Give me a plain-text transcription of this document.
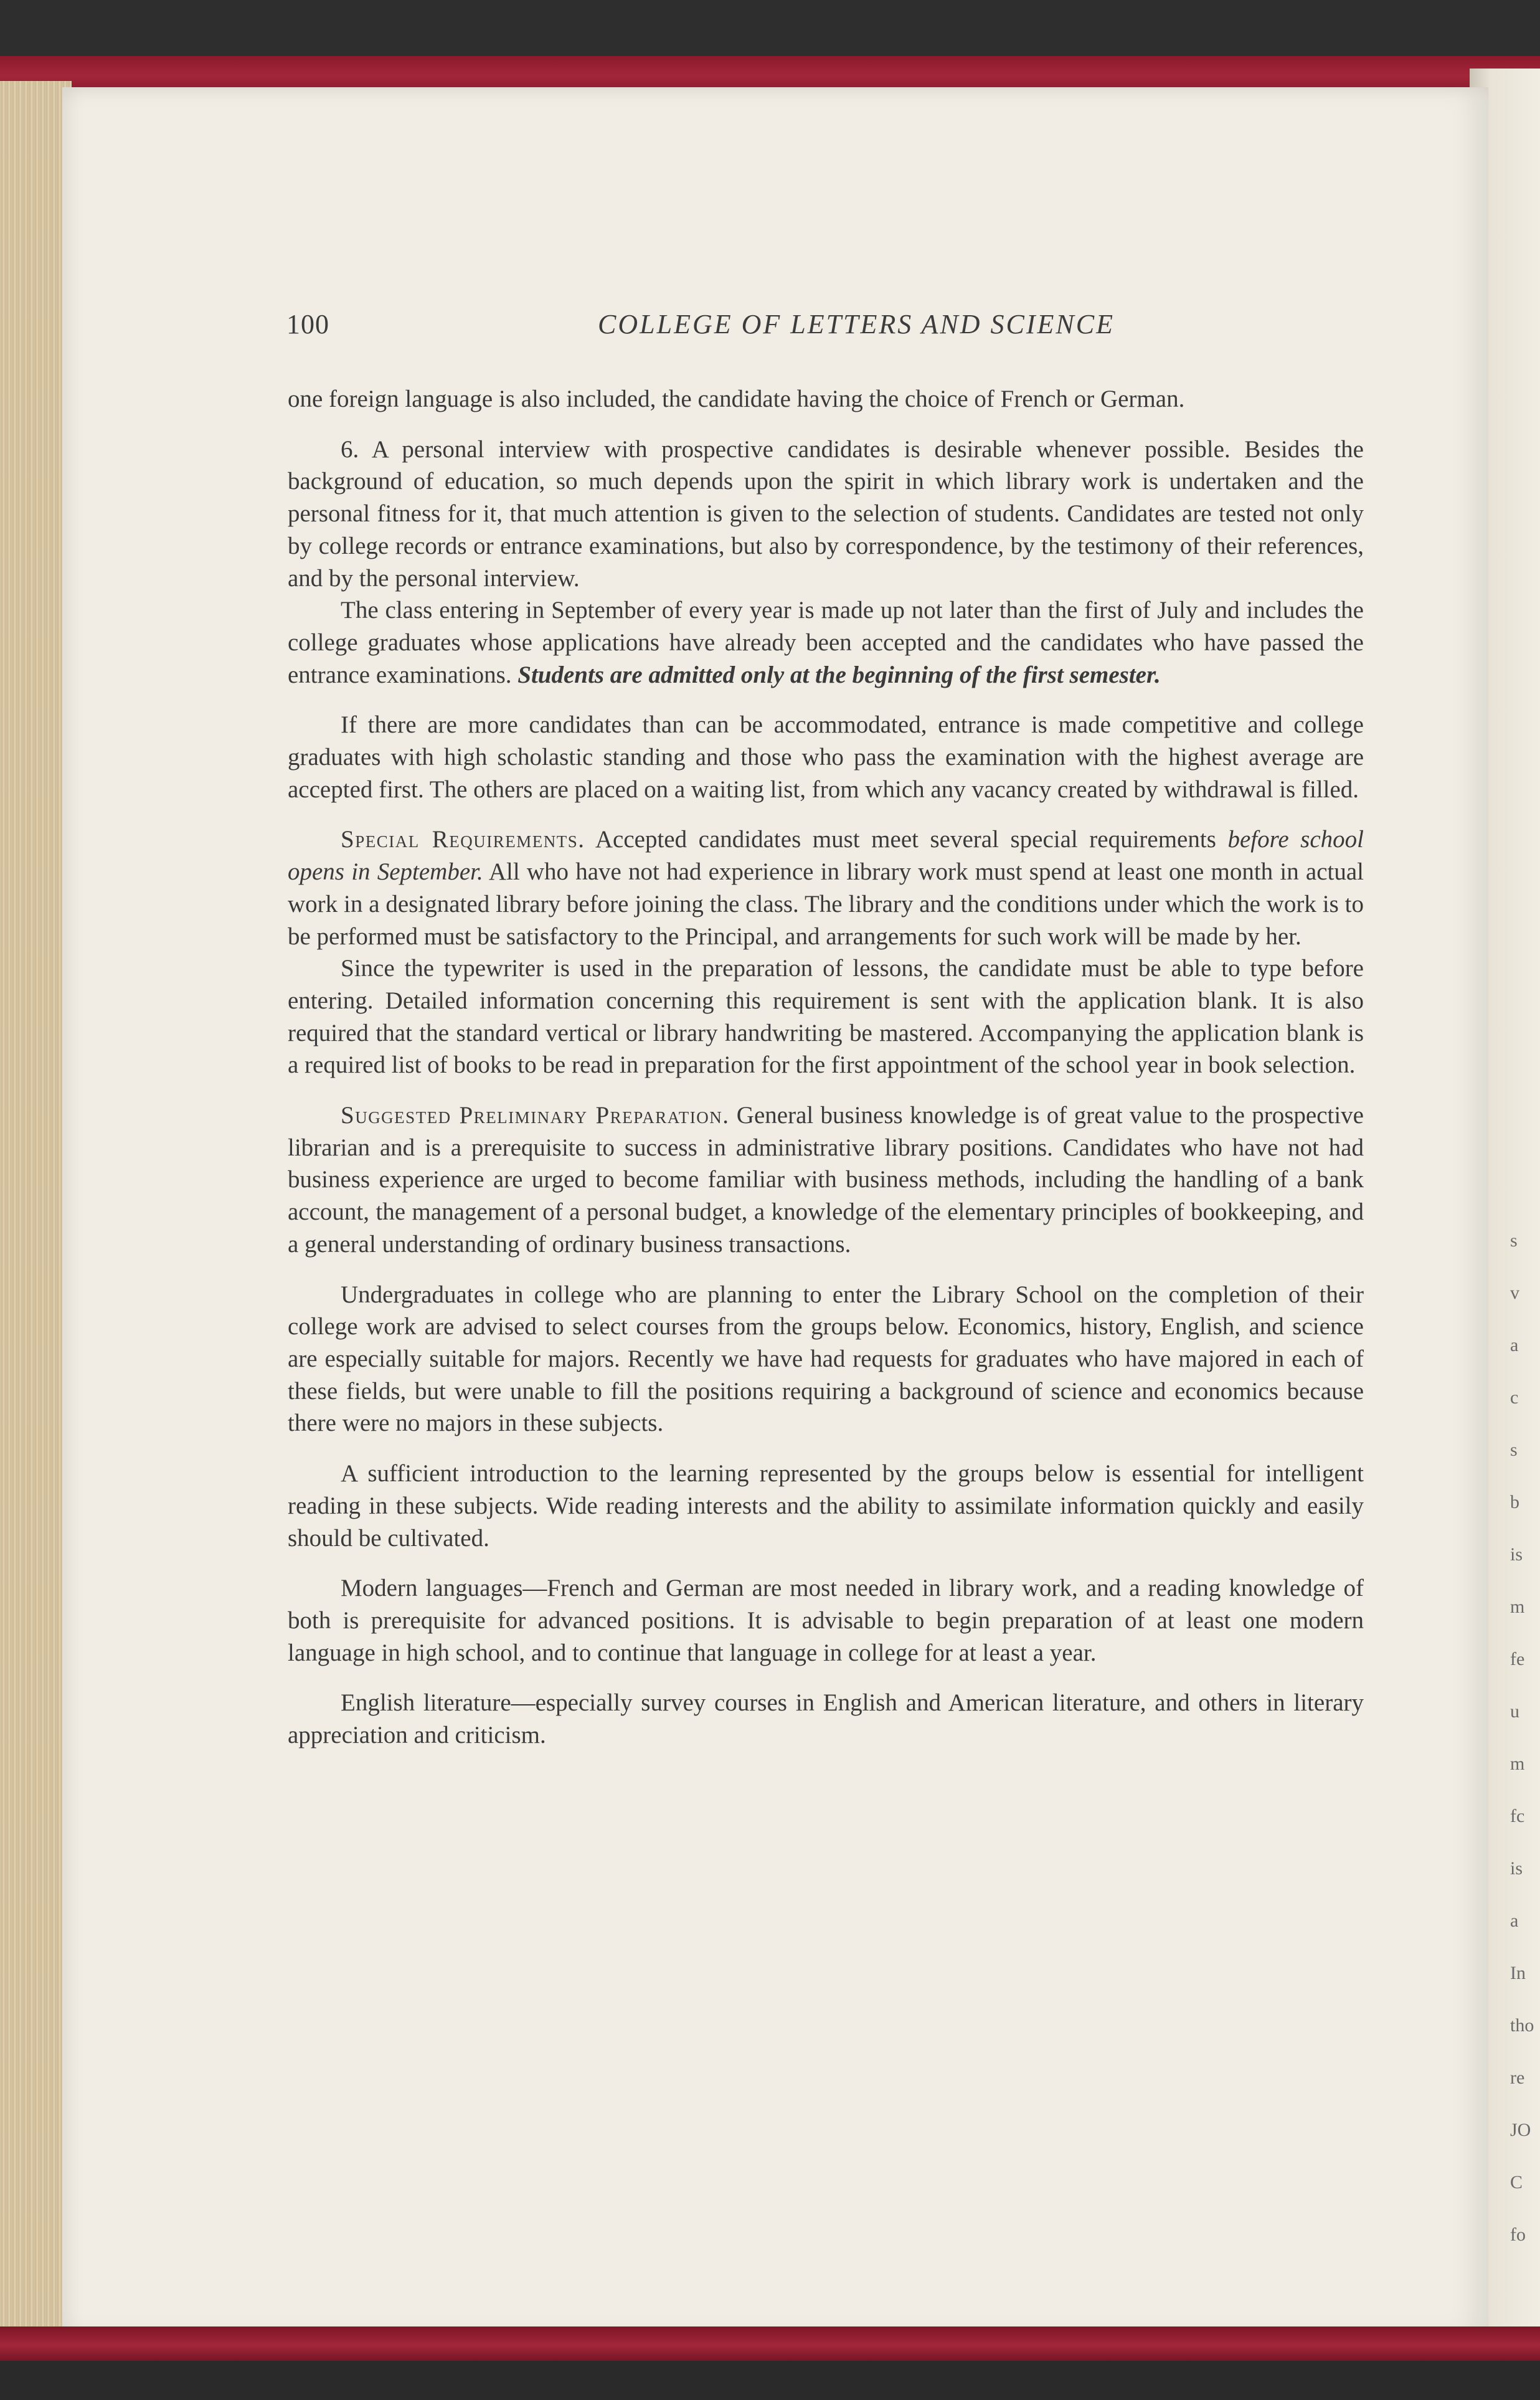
s
v
a
c
s
b
is
m
fe
u
m
fc
is
a
In
tho
re
JO
C
fo
100	COLLEGE OF LETTERS AND SCIENCE

one foreign language is also included, the candidate having the choice of French or German.

6. A personal interview with prospective candidates is desirable whenever possible. Besides the background of education, so much depends upon the spirit in which library work is undertaken and the personal fitness for it, that much attention is given to the selection of students. Candidates are tested not only by college records or entrance examinations, but also by correspondence, by the testimony of their references, and by the personal interview.

The class entering in September of every year is made up not later than the first of July and includes the college graduates whose applications have already been accepted and the candidates who have passed the entrance examinations. Students are admitted only at the beginning of the first semester.

If there are more candidates than can be accommodated, entrance is made competitive and college graduates with high scholastic standing and those who pass the examination with the highest average are accepted first. The others are placed on a waiting list, from which any vacancy created by withdrawal is filled.

Special Requirements. Accepted candidates must meet several special requirements before school opens in September. All who have not had experience in library work must spend at least one month in actual work in a designated library before joining the class. The library and the conditions under which the work is to be performed must be satisfactory to the Principal, and arrangements for such work will be made by her.

Since the typewriter is used in the preparation of lessons, the candidate must be able to type before entering. Detailed information concerning this requirement is sent with the application blank. It is also required that the standard vertical or library handwriting be mastered. Accompanying the application blank is a required list of books to be read in preparation for the first appointment of the school year in book selection.

Suggested Preliminary Preparation. General business knowledge is of great value to the prospective librarian and is a prerequisite to success in administrative library positions. Candidates who have not had business experience are urged to become familiar with business methods, including the handling of a bank account, the management of a personal budget, a knowledge of the elementary principles of bookkeeping, and a general understanding of ordinary business transactions.

Undergraduates in college who are planning to enter the Library School on the completion of their college work are advised to select courses from the groups below. Economics, history, English, and science are especially suitable for majors. Recently we have had requests for graduates who have majored in each of these fields, but were unable to fill the positions requiring a background of science and economics because there were no majors in these subjects.

A sufficient introduction to the learning represented by the groups below is essential for intelligent reading in these subjects. Wide reading interests and the ability to assimilate information quickly and easily should be cultivated.

Modern languages—French and German are most needed in library work, and a reading knowledge of both is prerequisite for advanced positions. It is advisable to begin preparation of at least one modern language in high school, and to continue that language in college for at least a year.

English literature—especially survey courses in English and American literature, and others in literary appreciation and criticism.
